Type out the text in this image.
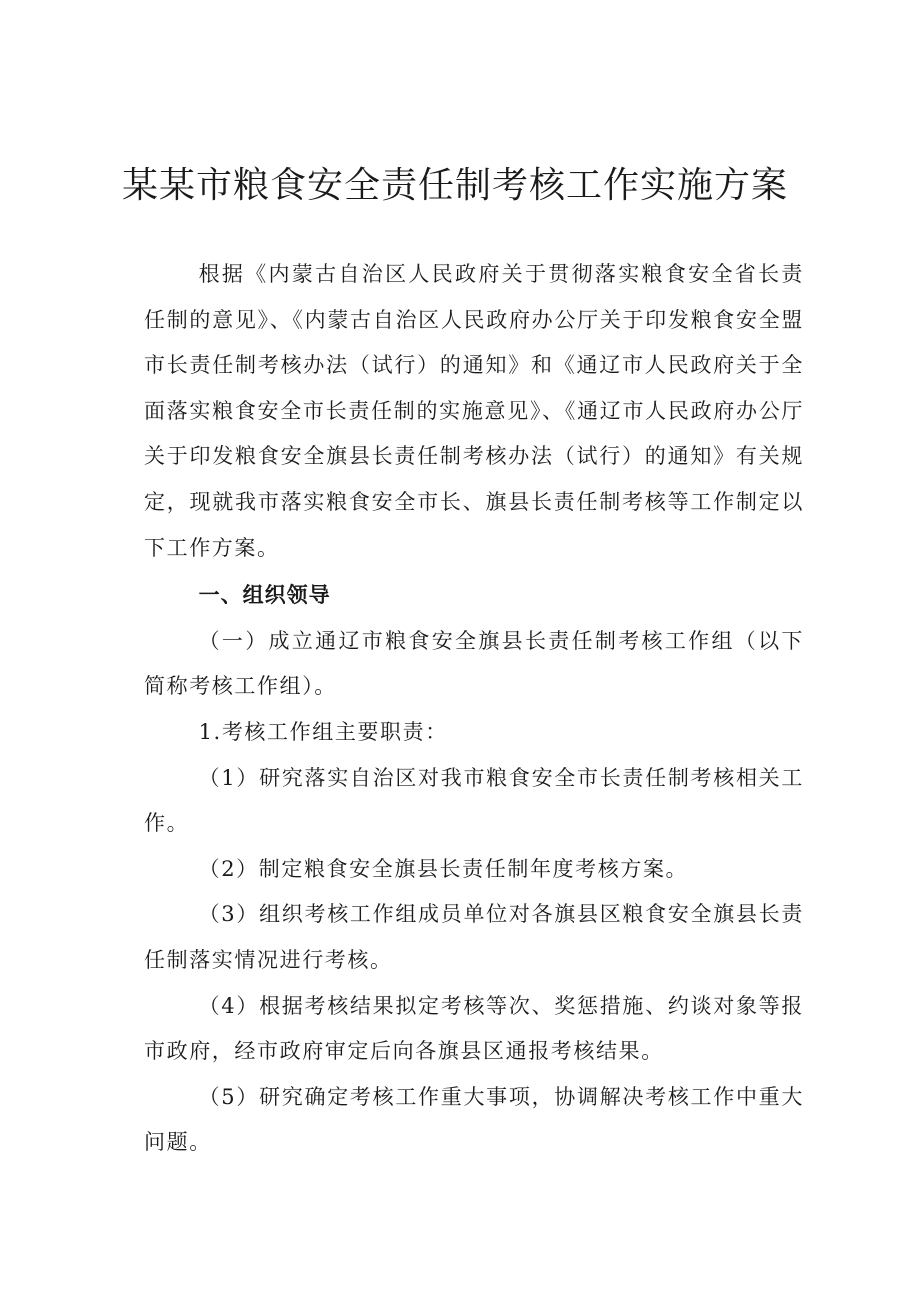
某某市粮食安全责任制考核工作实施方案

根据《内蒙古自治区人民政府关于贯彻落实粮食安全省长责任制的意见》、《内蒙古自治区人民政府办公厅关于印发粮食安全盟市长责任制考核办法（试行）的通知》和《通辽市人民政府关于全面落实粮食安全市长责任制的实施意见》、《通辽市人民政府办公厅关于印发粮食安全旗县长责任制考核办法（试行）的通知》有关规定，现就我市落实粮食安全市长、旗县长责任制考核等工作制定以下工作方案。

一、组织领导

（一）成立通辽市粮食安全旗县长责任制考核工作组（以下简称考核工作组）。

1.考核工作组主要职责：

（1）研究落实自治区对我市粮食安全市长责任制考核相关工作。

（2）制定粮食安全旗县长责任制年度考核方案。

（3）组织考核工作组成员单位对各旗县区粮食安全旗县长责任制落实情况进行考核。

（4）根据考核结果拟定考核等次、奖惩措施、约谈对象等报市政府，经市政府审定后向各旗县区通报考核结果。

（5）研究确定考核工作重大事项，协调解决考核工作中重大问题。
